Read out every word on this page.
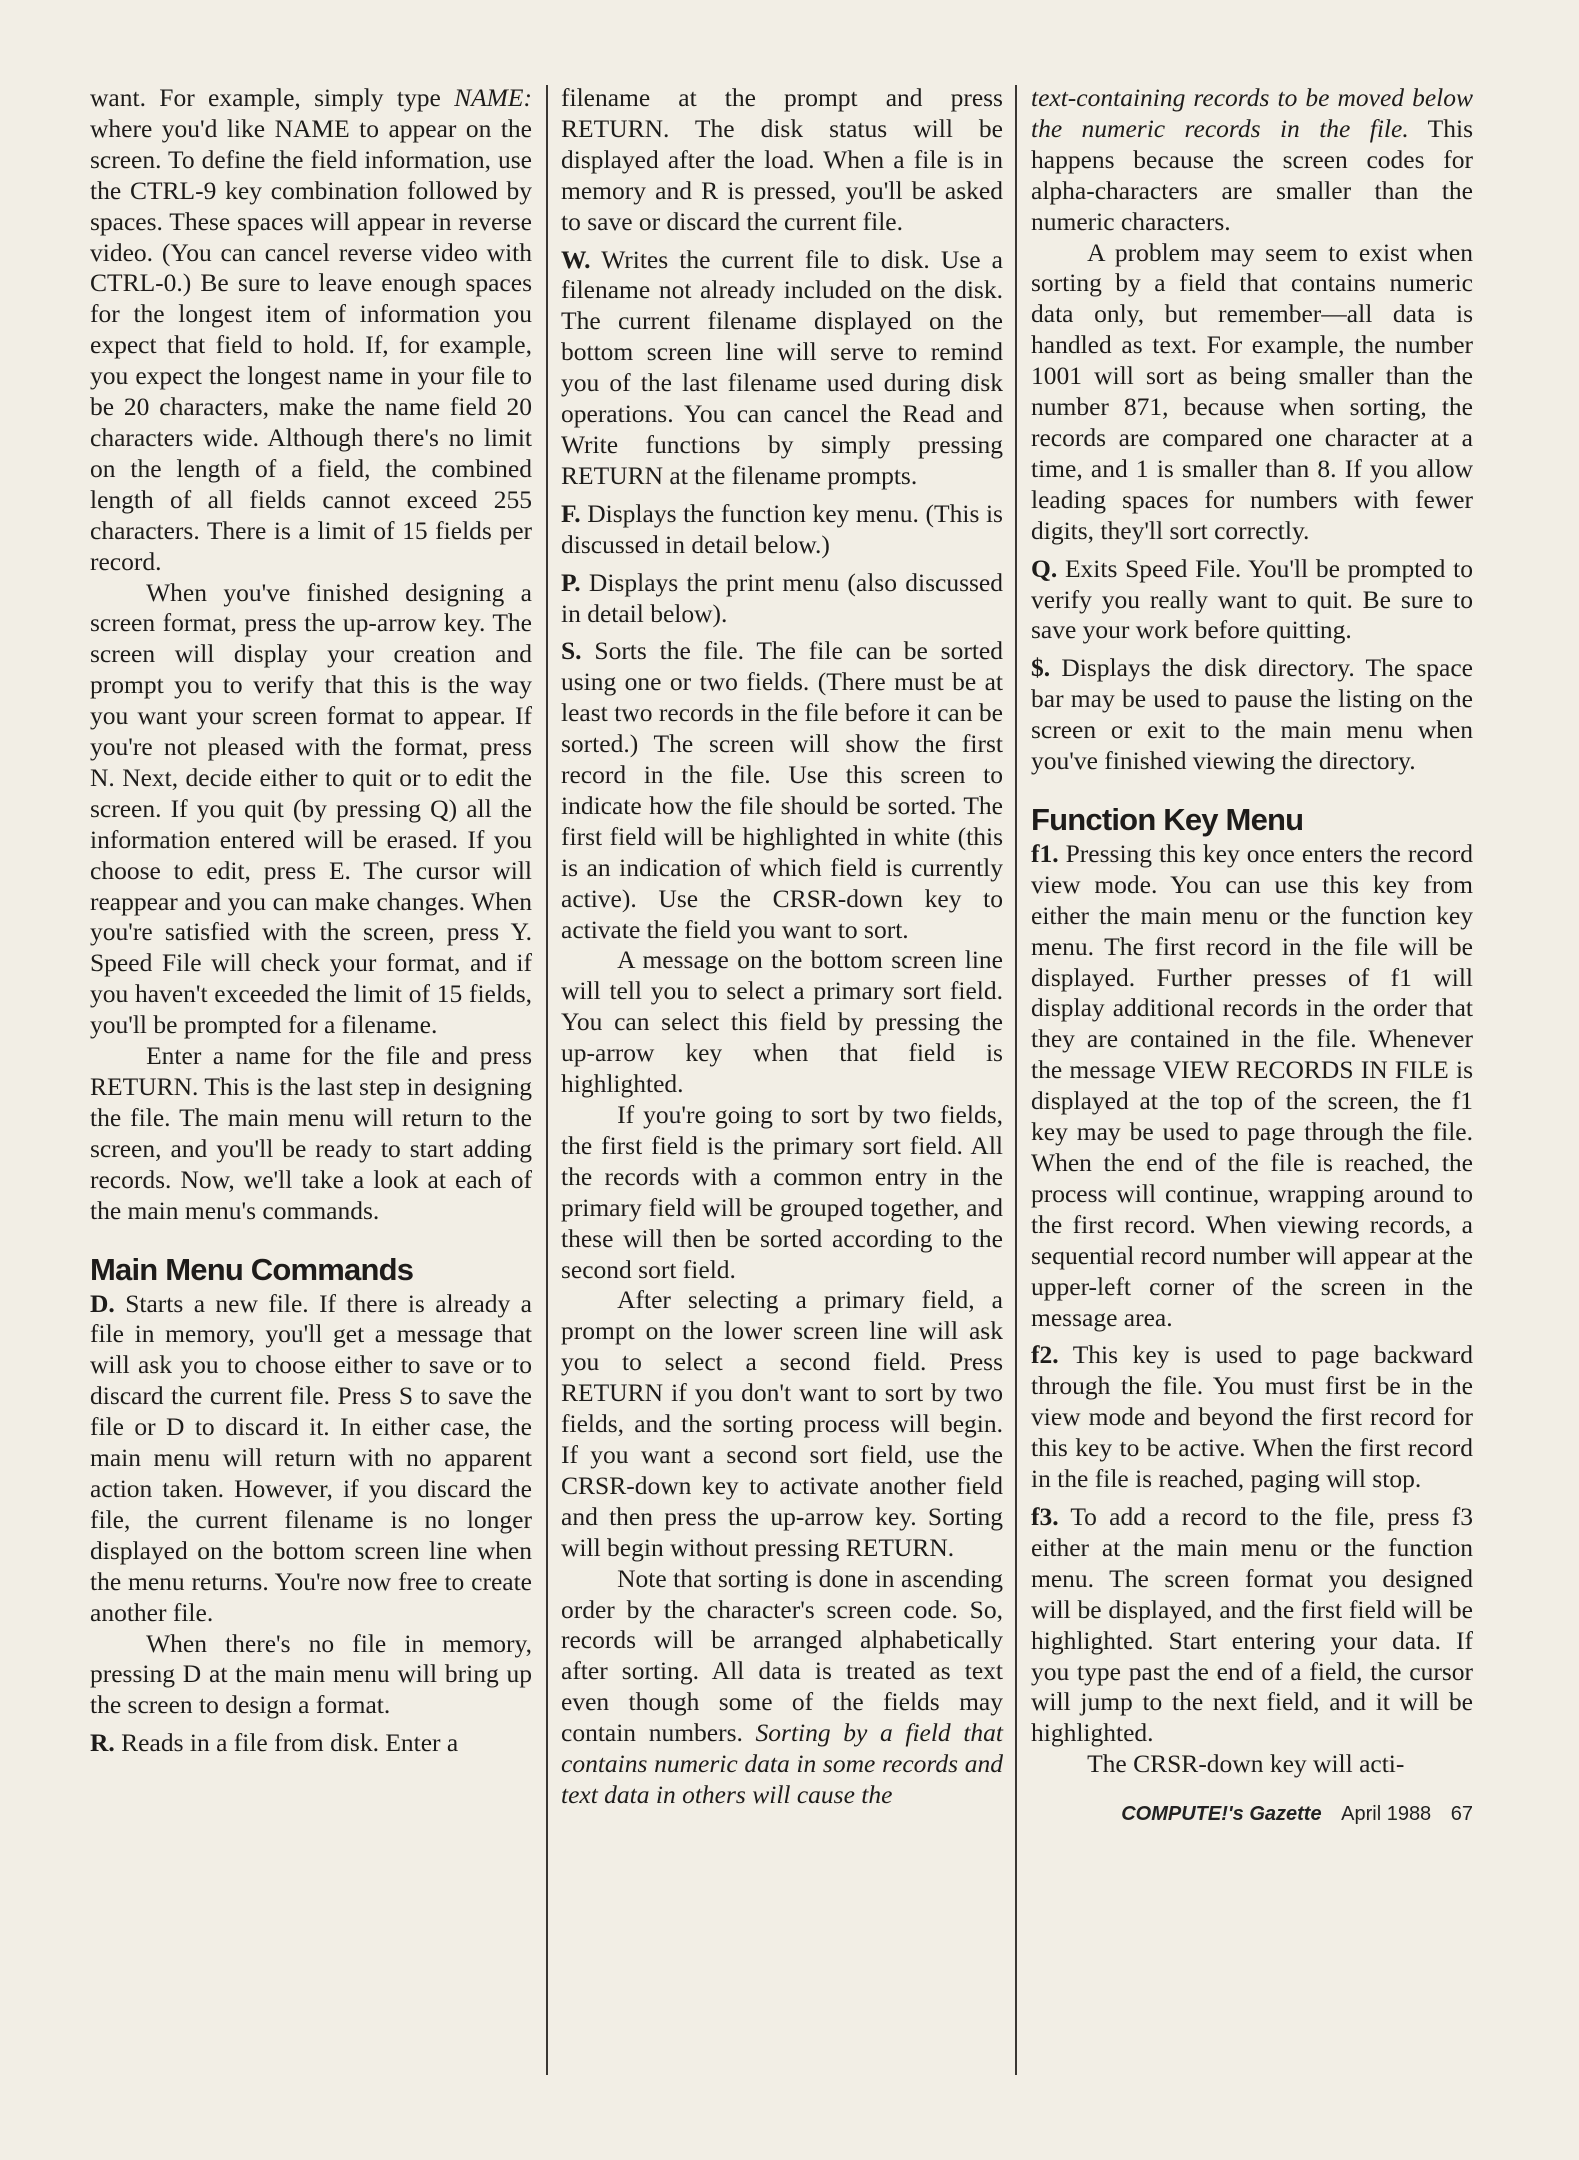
want. For example, simply type NAME: where you'd like NAME to appear on the screen. To define the field information, use the CTRL-9 key combination followed by spaces. These spaces will appear in reverse video. (You can cancel reverse video with CTRL-0.) Be sure to leave enough spaces for the longest item of information you expect that field to hold. If, for example, you expect the longest name in your file to be 20 characters, make the name field 20 characters wide. Although there's no limit on the length of a field, the combined length of all fields cannot exceed 255 characters. There is a limit of 15 fields per record.

When you've finished designing a screen format, press the up-arrow key. The screen will display your creation and prompt you to verify that this is the way you want your screen format to appear. If you're not pleased with the format, press N. Next, decide either to quit or to edit the screen. If you quit (by pressing Q) all the information entered will be erased. If you choose to edit, press E. The cursor will reappear and you can make changes. When you're satisfied with the screen, press Y. Speed File will check your format, and if you haven't exceeded the limit of 15 fields, you'll be prompted for a filename.

Enter a name for the file and press RETURN. This is the last step in designing the file. The main menu will return to the screen, and you'll be ready to start adding records. Now, we'll take a look at each of the main menu's commands.

Main Menu Commands

D. Starts a new file. If there is already a file in memory, you'll get a message that will ask you to choose either to save or to discard the current file. Press S to save the file or D to discard it. In either case, the main menu will return with no apparent action taken. However, if you discard the file, the current filename is no longer displayed on the bottom screen line when the menu returns. You're now free to create another file.

When there's no file in memory, pressing D at the main menu will bring up the screen to design a format.

R. Reads in a file from disk. Enter a

filename at the prompt and press RETURN. The disk status will be displayed after the load. When a file is in memory and R is pressed, you'll be asked to save or discard the current file.

W. Writes the current file to disk. Use a filename not already included on the disk. The current filename displayed on the bottom screen line will serve to remind you of the last filename used during disk operations. You can cancel the Read and Write functions by simply pressing RETURN at the filename prompts.

F. Displays the function key menu. (This is discussed in detail below.)

P. Displays the print menu (also discussed in detail below).

S. Sorts the file. The file can be sorted using one or two fields. (There must be at least two records in the file before it can be sorted.) The screen will show the first record in the file. Use this screen to indicate how the file should be sorted. The first field will be highlighted in white (this is an indication of which field is currently active). Use the CRSR-down key to activate the field you want to sort.

A message on the bottom screen line will tell you to select a primary sort field. You can select this field by pressing the up-arrow key when that field is highlighted.

If you're going to sort by two fields, the first field is the primary sort field. All the records with a common entry in the primary field will be grouped together, and these will then be sorted according to the second sort field.

After selecting a primary field, a prompt on the lower screen line will ask you to select a second field. Press RETURN if you don't want to sort by two fields, and the sorting process will begin. If you want a second sort field, use the CRSR-down key to activate another field and then press the up-arrow key. Sorting will begin without pressing RETURN.

Note that sorting is done in ascending order by the character's screen code. So, records will be arranged alphabetically after sorting. All data is treated as text even though some of the fields may contain numbers. Sorting by a field that contains numeric data in some records and text data in others will cause the

text-containing records to be moved below the numeric records in the file. This happens because the screen codes for alpha-characters are smaller than the numeric characters.

A problem may seem to exist when sorting by a field that contains numeric data only, but remember—all data is handled as text. For example, the number 1001 will sort as being smaller than the number 871, because when sorting, the records are compared one character at a time, and 1 is smaller than 8. If you allow leading spaces for numbers with fewer digits, they'll sort correctly.

Q. Exits Speed File. You'll be prompted to verify you really want to quit. Be sure to save your work before quitting.

$. Displays the disk directory. The space bar may be used to pause the listing on the screen or exit to the main menu when you've finished viewing the directory.

Function Key Menu

f1. Pressing this key once enters the record view mode. You can use this key from either the main menu or the function key menu. The first record in the file will be displayed. Further presses of f1 will display additional records in the order that they are contained in the file. Whenever the message VIEW RECORDS IN FILE is displayed at the top of the screen, the f1 key may be used to page through the file. When the end of the file is reached, the process will continue, wrapping around to the first record. When viewing records, a sequential record number will appear at the upper-left corner of the screen in the message area.

f2. This key is used to page backward through the file. You must first be in the view mode and beyond the first record for this key to be active. When the first record in the file is reached, paging will stop.

f3. To add a record to the file, press f3 either at the main menu or the function menu. The screen format you designed will be displayed, and the first field will be highlighted. Start entering your data. If you type past the end of a field, the cursor will jump to the next field, and it will be highlighted.

The CRSR-down key will acti-

COMPUTE!'s Gazette April 1988 67
